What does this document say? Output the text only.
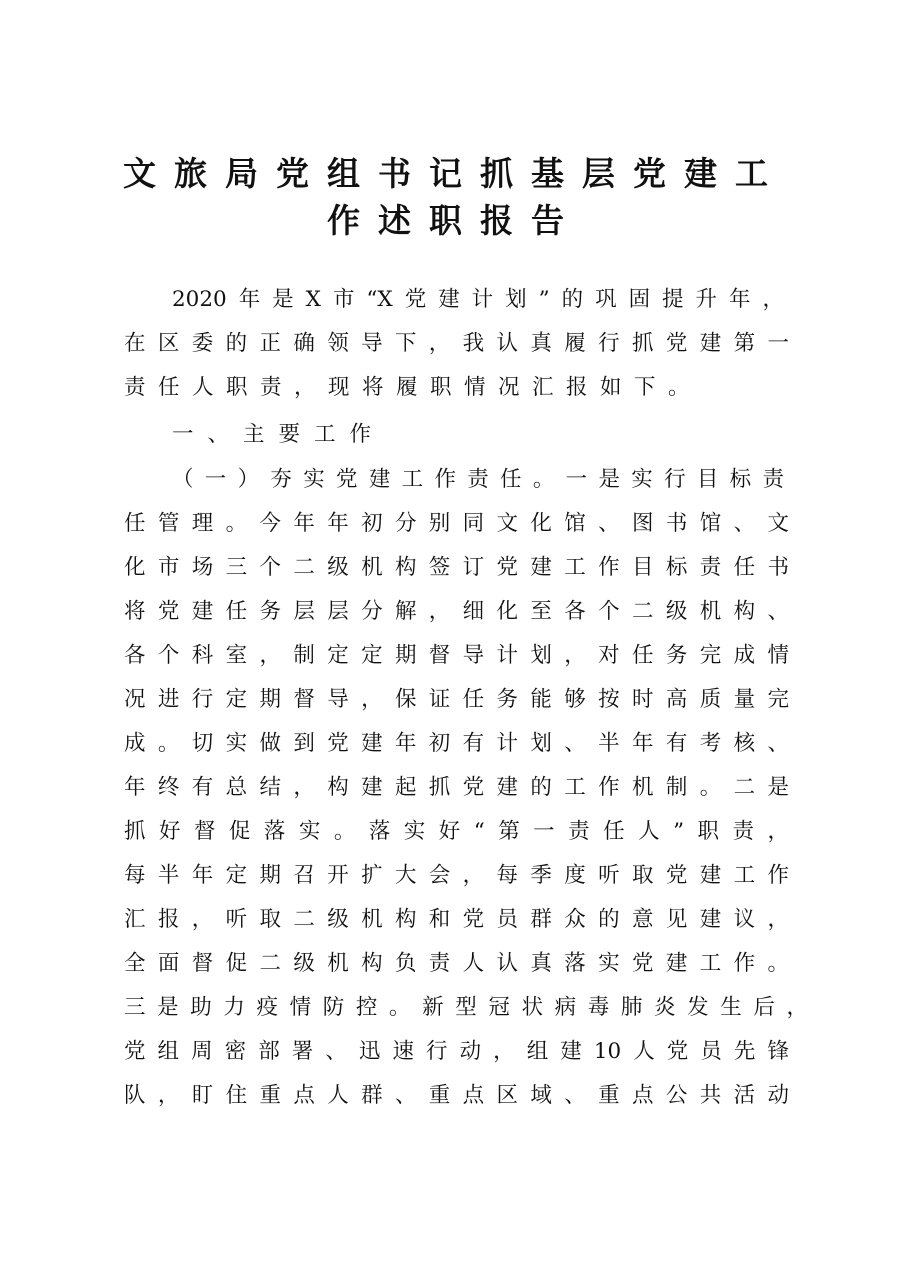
文旅局党组书记抓基层党建工
作述职报告
2020年是X市“X党建计划”的巩固提升年，
在区委的正确领导下，我认真履行抓党建第一
责任人职责，现将履职情况汇报如下。
一、主要工作
（一）夯实党建工作责任。一是实行目标责
任管理。今年年初分别同文化馆、图书馆、文
化市场三个二级机构签订党建工作目标责任书
将党建任务层层分解，细化至各个二级机构、
各个科室，制定定期督导计划，对任务完成情
况进行定期督导，保证任务能够按时高质量完
成。切实做到党建年初有计划、半年有考核、
年终有总结，构建起抓党建的工作机制。二是
抓好督促落实。落实好“第一责任人”职责，
每半年定期召开扩大会，每季度听取党建工作
汇报，听取二级机构和党员群众的意见建议，
全面督促二级机构负责人认真落实党建工作。
三是助力疫情防控。新型冠状病毒肺炎发生后，
党组周密部署、迅速行动，组建10人党员先锋
队，盯住重点人群、重点区域、重点公共活动
